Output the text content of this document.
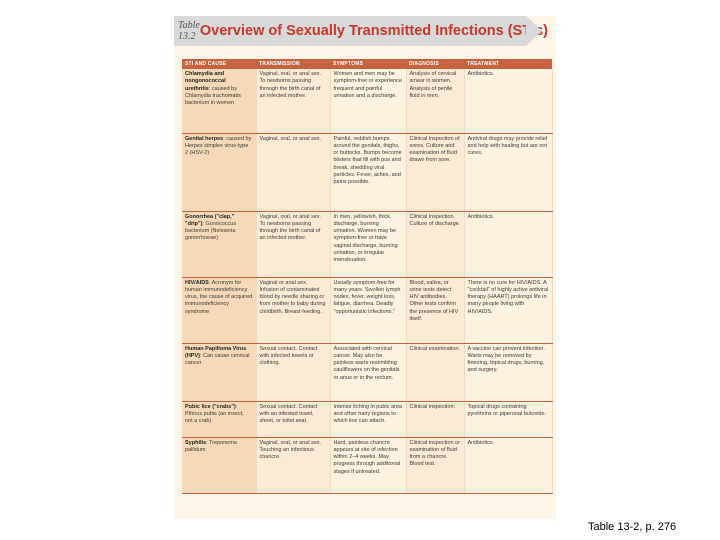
Table 13.2 Overview of Sexually Transmitted Infections (STIs)
STI AND CAUSE	TRANSMISSION	SYMPTOMS	DIAGNOSIS	TREATMENT
Chlamydia and nongonococcal urethritis: caused by Chlamydia trachomatis bacterium in women	Vaginal, oral, or anal sex. To newborns passing through the birth canal of an infected mother.	Women and men may be symptom-free or experience frequent and painful urination and a discharge.	Analysis of cervical smear in women. Analysis of penile fluid in men.	Antibiotics.
Genital herpes: caused by Herpes simplex virus-type 2 (HSV-2)	Vaginal, oral, or anal sex.	Painful, reddish bumps around the genitals, thighs, or buttocks. Bumps become blisters that fill with pus and break, shedding viral particles. Fever, aches, and pains possible.	Clinical inspection of sores. Culture and examination of fluid drawn from sore.	Antiviral drugs may provide relief and help with healing but are not cures.
Gonorrhea ("clap," "drip"): Gonococcus bacterium (Neisseria gonorrhoeae)	Vaginal, oral, or anal sex. To newborns passing through the birth canal of an infected mother.	In men, yellowish, thick discharge, burning urination. Women may be symptom-free or have vaginal discharge, burning urination, or irregular menstruation.	Clinical inspection. Culture of discharge.	Antibiotics.
HIV/AIDS: Acronym for human immunodeficiency virus, the cause of acquired immunodeficiency syndrome	Vaginal or anal sex. Infusion of contaminated blood by needle sharing or from mother to baby during childbirth. Breast-feeding.	Usually symptom-free for many years. Swollen lymph nodes, fever, weight loss, fatigue, diarrhea. Deadly "opportunistic infections."	Blood, saliva, or urine tests detect HIV antibodies. Other tests confirm the presence of HIV itself.	There is no cure for HIV/AIDS. A "cocktail" of highly active antiviral therapy (HAART) prolongs life in many people living with HIV/AIDS.
Human Papilloma Virus (HPV): Can cause cervical cancer	Sexual contact. Contact with infected towels or clothing.	Associated with cervical cancer. May also be painless warts resembling cauliflowers on the genitals or anus or in the rectum.	Clinical examination.	A vaccine can prevent infection. Warts may be removed by freezing, topical drugs, burning, and surgery.
Pubic lice ("crabs"): Pthirus pubis (an insect, not a crab)	Sexual contact. Contact with an infested towel, sheet, or toilet seat.	Intense itching in pubic area and other hairy regions to which lice can attach.	Clinical inspection.	Topical drugs containing pyrethrins or piperonal butoxide.
Syphilis: Treponema pallidum	Vaginal, oral, or anal sex. Touching an infectious chancre.	Hard, painless chancre appears at site of infection within 2–4 weeks. May progress through additional stages if untreated.	Clinical inspection or examination of fluid from a chancre. Blood test.	Antibiotics.
Table 13-2, p. 276
